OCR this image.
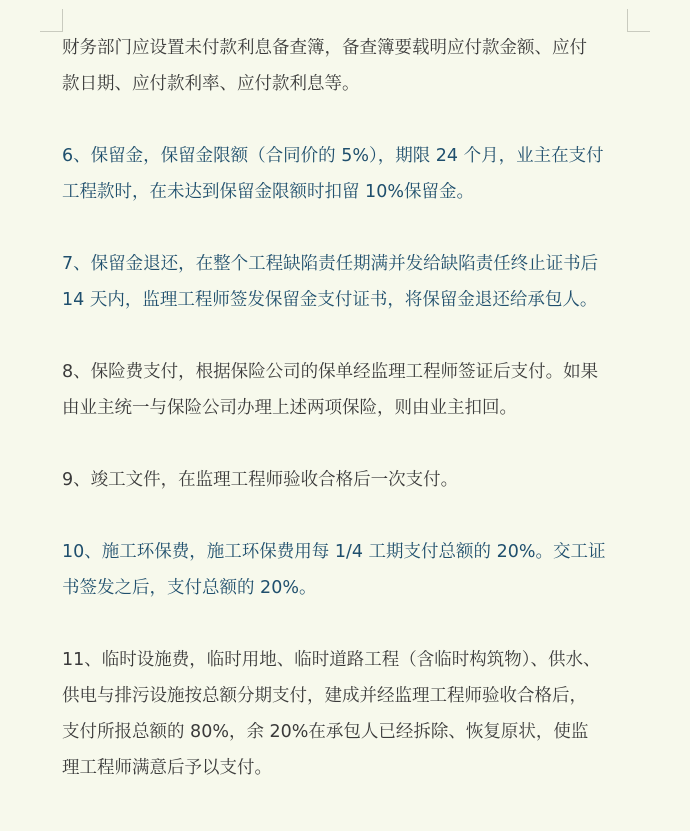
财务部门应设置未付款利息备查簿，备查簿要载明应付款金额、应付
款日期、应付款利率、应付款利息等。

6、保留金，保留金限额（合同价的 5%），期限 24 个月，业主在支付
工程款时，在未达到保留金限额时扣留 10%保留金。

7、保留金退还，在整个工程缺陷责任期满并发给缺陷责任终止证书后
14 天内，监理工程师签发保留金支付证书，将保留金退还给承包人。

8、保险费支付，根据保险公司的保单经监理工程师签证后支付。如果
由业主统一与保险公司办理上述两项保险，则由业主扣回。

9、竣工文件，在监理工程师验收合格后一次支付。

10、施工环保费，施工环保费用每 1/4 工期支付总额的 20%。交工证
书签发之后，支付总额的 20%。

11、临时设施费，临时用地、临时道路工程（含临时构筑物）、供水、
供电与排污设施按总额分期支付，建成并经监理工程师验收合格后，
支付所报总额的 80%，余 20%在承包人已经拆除、恢复原状，使监
理工程师满意后予以支付。
